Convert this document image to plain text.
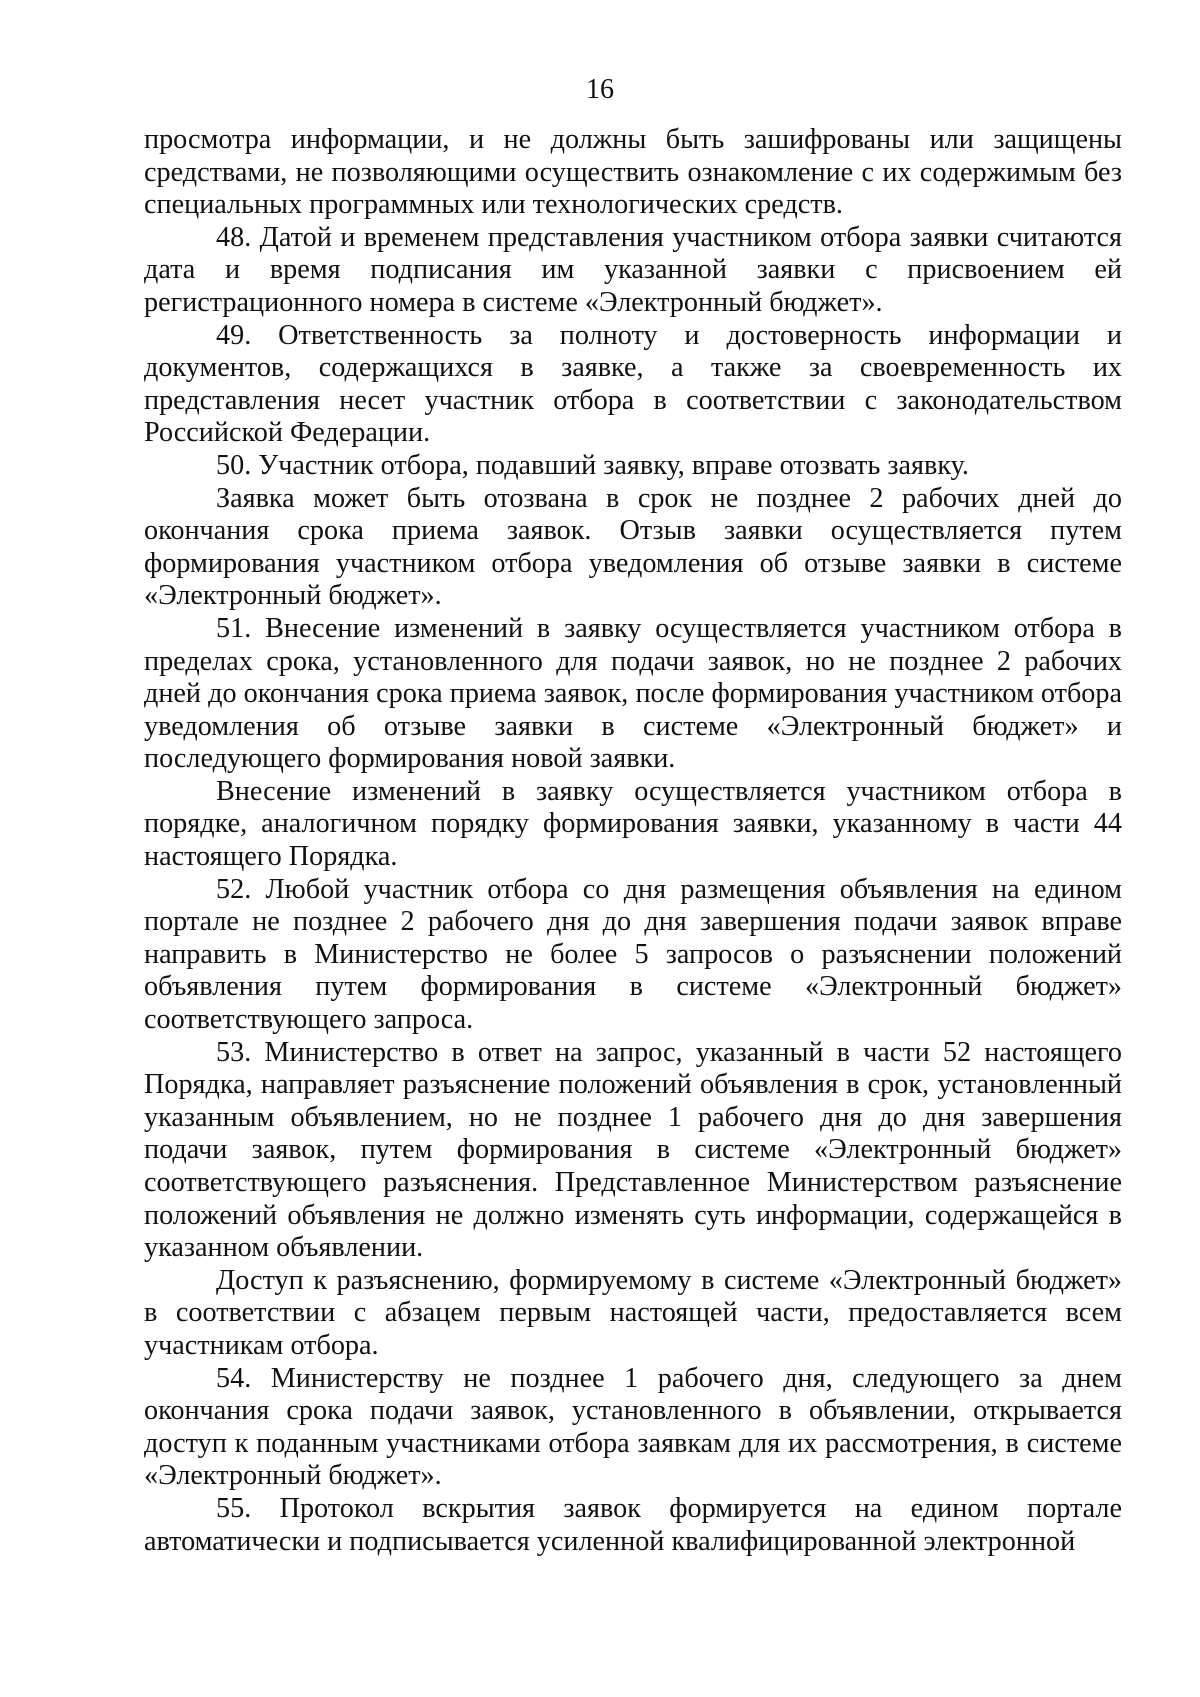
16

просмотра информации, и не должны быть зашифрованы или защищены средствами, не позволяющими осуществить ознакомление с их содержимым без специальных программных или технологических средств.

48. Датой и временем представления участником отбора заявки считаются дата и время подписания им указанной заявки с присвоением ей регистрационного номера в системе «Электронный бюджет».

49. Ответственность за полноту и достоверность информации и документов, содержащихся в заявке, а также за своевременность их представления несет участник отбора в соответствии с законодательством Российской Федерации.

50. Участник отбора, подавший заявку, вправе отозвать заявку.

Заявка может быть отозвана в срок не позднее 2 рабочих дней до окончания срока приема заявок. Отзыв заявки осуществляется путем формирования участником отбора уведомления об отзыве заявки в системе «Электронный бюджет».

51. Внесение изменений в заявку осуществляется участником отбора в пределах срока, установленного для подачи заявок, но не позднее 2 рабочих дней до окончания срока приема заявок, после формирования участником отбора уведомления об отзыве заявки в системе «Электронный бюджет» и последующего формирования новой заявки.

Внесение изменений в заявку осуществляется участником отбора в порядке, аналогичном порядку формирования заявки, указанному в части 44 настоящего Порядка.

52. Любой участник отбора со дня размещения объявления на едином портале не позднее 2 рабочего дня до дня завершения подачи заявок вправе направить в Министерство не более 5 запросов о разъяснении положений объявления путем формирования в системе «Электронный бюджет» соответствующего запроса.

53. Министерство в ответ на запрос, указанный в части 52 настоящего Порядка, направляет разъяснение положений объявления в срок, установленный указанным объявлением, но не позднее 1 рабочего дня до дня завершения подачи заявок, путем формирования в системе «Электронный бюджет» соответствующего разъяснения. Представленное Министерством разъяснение положений объявления не должно изменять суть информации, содержащейся в указанном объявлении.

Доступ к разъяснению, формируемому в системе «Электронный бюджет» в соответствии с абзацем первым настоящей части, предоставляется всем участникам отбора.

54. Министерству не позднее 1 рабочего дня, следующего за днем окончания срока подачи заявок, установленного в объявлении, открывается доступ к поданным участниками отбора заявкам для их рассмотрения, в системе «Электронный бюджет».

55. Протокол вскрытия заявок формируется на едином портале автоматически и подписывается усиленной квалифицированной электронной
